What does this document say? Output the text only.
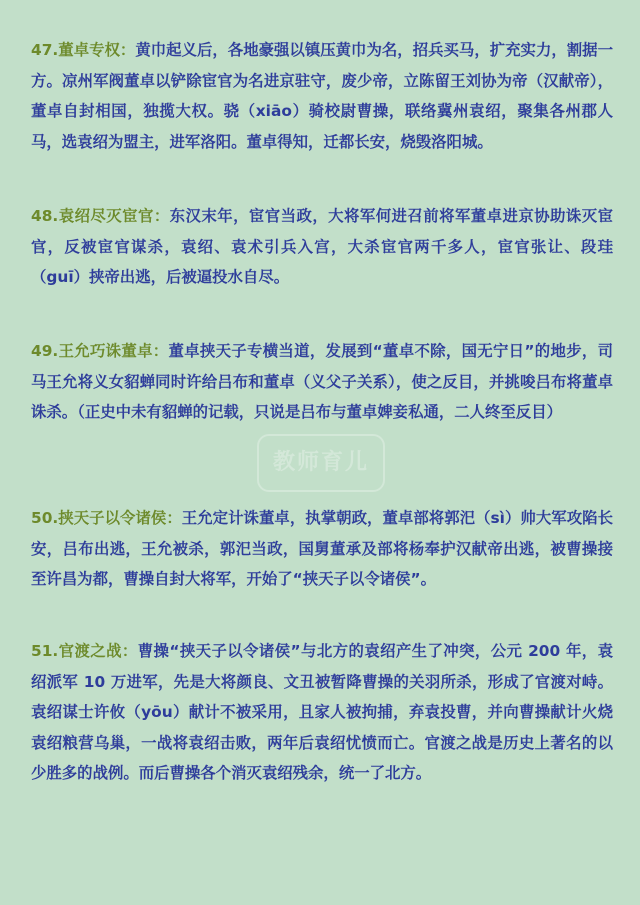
教师育儿

47.董卓专权：黄巾起义后，各地豪强以镇压黄巾为名，招兵买马，扩充实力，割据一方。凉州军阀董卓以铲除宦官为名进京驻守，废少帝，立陈留王刘协为帝（汉献帝），董卓自封相国，独揽大权。骁（xiāo）骑校尉曹操，联络冀州袁绍，聚集各州郡人马，选袁绍为盟主，进军洛阳。董卓得知，迁都长安，烧毁洛阳城。

48.袁绍尽灭宦官：东汉末年，宦官当政，大将军何进召前将军董卓进京协助诛灭宦官，反被宦官谋杀，袁绍、袁术引兵入宫，大杀宦官两千多人，宦官张让、段珪（guī）挟帝出逃，后被逼投水自尽。

49.王允巧诛董卓：董卓挟天子专横当道，发展到“董卓不除，国无宁日”的地步，司马王允将义女貂蝉同时许给吕布和董卓（义父子关系），使之反目，并挑唆吕布将董卓诛杀。（正史中未有貂蝉的记载，只说是吕布与董卓婢妾私通，二人终至反目）

50.挟天子以令诸侯：王允定计诛董卓，执掌朝政，董卓部将郭汜（sì）帅大军攻陷长安，吕布出逃，王允被杀，郭汜当政，国舅董承及部将杨奉护汉献帝出逃，被曹操接至许昌为都，曹操自封大将军，开始了“挟天子以令诸侯”。

51.官渡之战：曹操“挟天子以令诸侯”与北方的袁绍产生了冲突，公元 200 年，袁绍派军 10 万进军，先是大将颜良、文丑被暂降曹操的关羽所杀，形成了官渡对峙。袁绍谋士许攸（yōu）献计不被采用，且家人被拘捕，弃袁投曹，并向曹操献计火烧袁绍粮营乌巢，一战将袁绍击败，两年后袁绍忧愤而亡。官渡之战是历史上著名的以少胜多的战例。而后曹操各个消灭袁绍残余，统一了北方。
